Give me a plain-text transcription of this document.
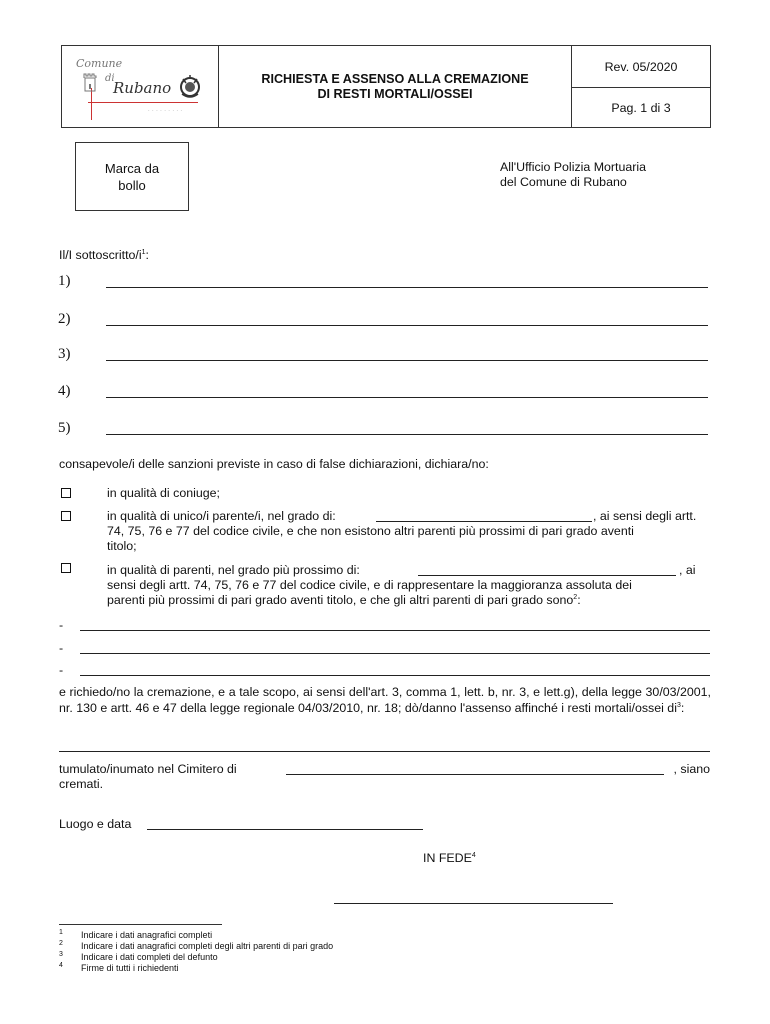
Comune
di
Rubano
· · · · · · · · ·
RICHIESTA E ASSENSO ALLA CREMAZIONE
DI RESTI MORTALI/OSSEI
Rev. 05/2020
Pag. 1 di 3
Marca da
bollo
All'Ufficio Polizia Mortuaria
del Comune di Rubano
Il/I sottoscritto/$i^1$:
1)
2)
3)
4)
5)
consapevole/i delle sanzioni previste in caso di false dichiarazioni, dichiara/no:
in qualità di coniuge;
in qualità di unico/i parente/i, nel grado di:	, ai sensi degli artt.
74, 75, 76 e 77 del codice civile, e che non esistono altri parenti più prossimi di pari grado aventi
titolo;
in qualità di parenti, nel grado più prossimo di:	, ai
sensi degli artt. 74, 75, 76 e 77 del codice civile, e di rappresentare la maggioranza assoluta dei
parenti più prossimi di pari grado aventi titolo, e che gli altri parenti di pari grado sono$^2$:
-
-
-
e richiedo/no la cremazione, e a tale scopo, ai sensi dell'art. 3, comma 1, lett. b, nr. 3, e lett.g), della legge 30/03/2001, nr. 130 e artt. 46 e 47 della legge regionale 04/03/2010, nr. 18; dò/danno l'assenso affinché i resti mortali/ossei $di^3$:
tumulato/inumato nel Cimitero di	, siano
cremati.
Luogo e data
IN FEDE$^4$
1 Indicare i dati anagrafici completi
2 Indicare i dati anagrafici completi degli altri parenti di pari grado
3 Indicare i dati completi del defunto
4 Firme di tutti i richiedenti
